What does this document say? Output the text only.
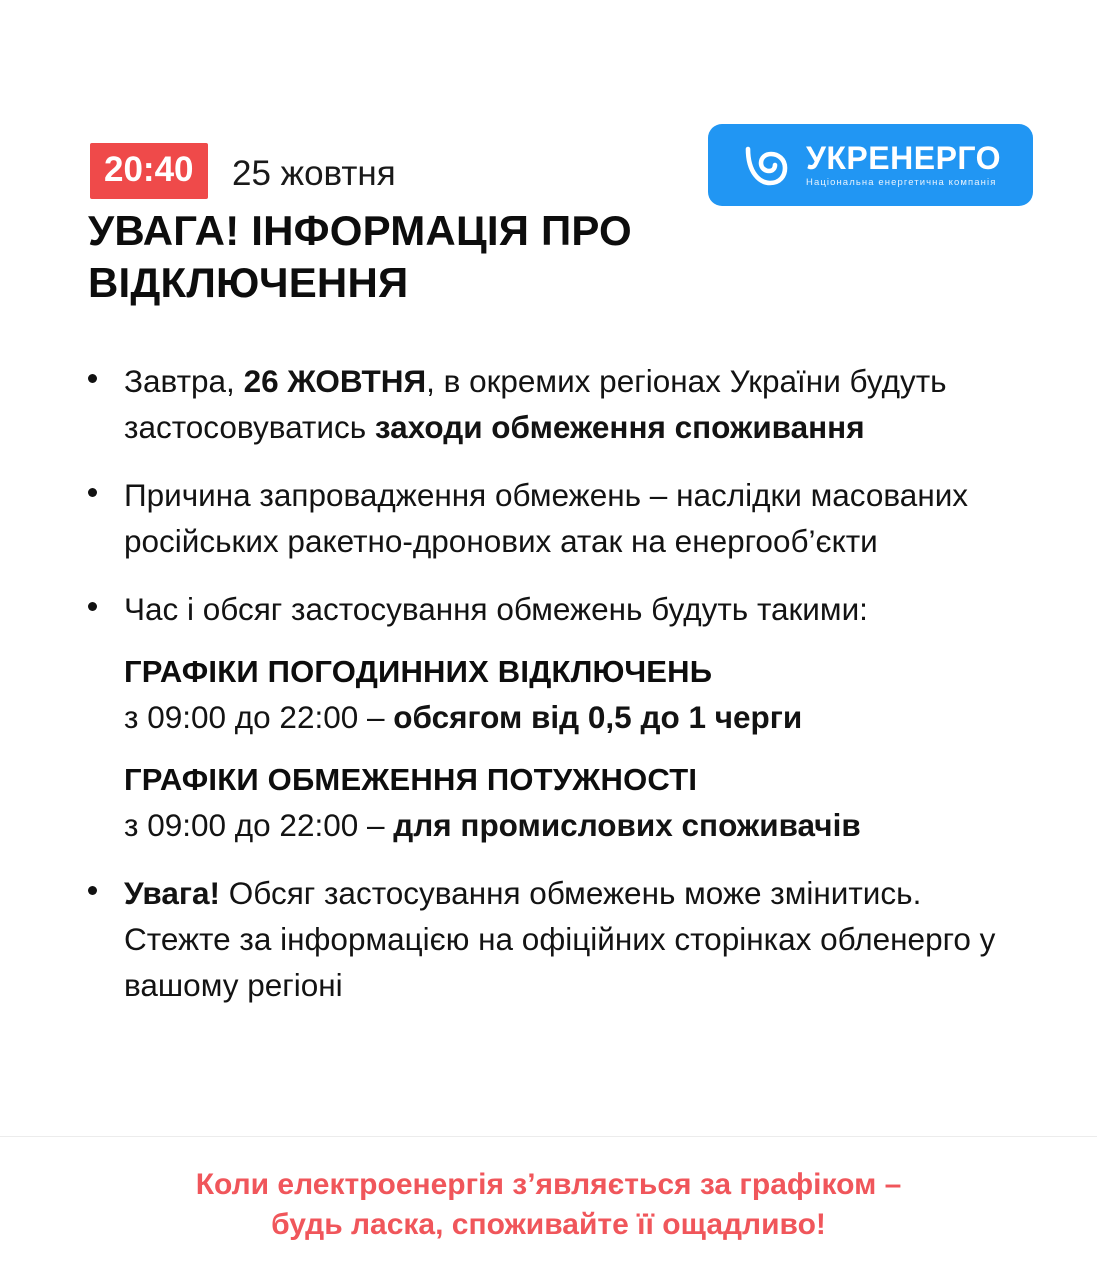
20:40	25 жовтня	УКРЕНЕРГО
Національна енергетична компанія
УВАГА! ІНФОРМАЦІЯ ПРО ВІДКЛЮЧЕННЯ
Завтра, 26 ЖОВТНЯ, в окремих регіонах України будуть застосовуватись заходи обмеження споживання
Причина запровадження обмежень – наслідки масованих російських ракетно-дронових атак на енергооб’єкти
Час і обсяг застосування обмежень будуть такими:
ГРАФІКИ ПОГОДИННИХ ВІДКЛЮЧЕНЬ
з 09:00 до 22:00 – обсягом від 0,5 до 1 черги
ГРАФІКИ ОБМЕЖЕННЯ ПОТУЖНОСТІ
з 09:00 до 22:00 – для промислових споживачів
Увага! Обсяг застосування обмежень може змінитись. Стежте за інформацією на офіційних сторінках обленерго у вашому регіоні
Коли електроенергія з’являється за графіком –
будь ласка, споживайте її ощадливо!
